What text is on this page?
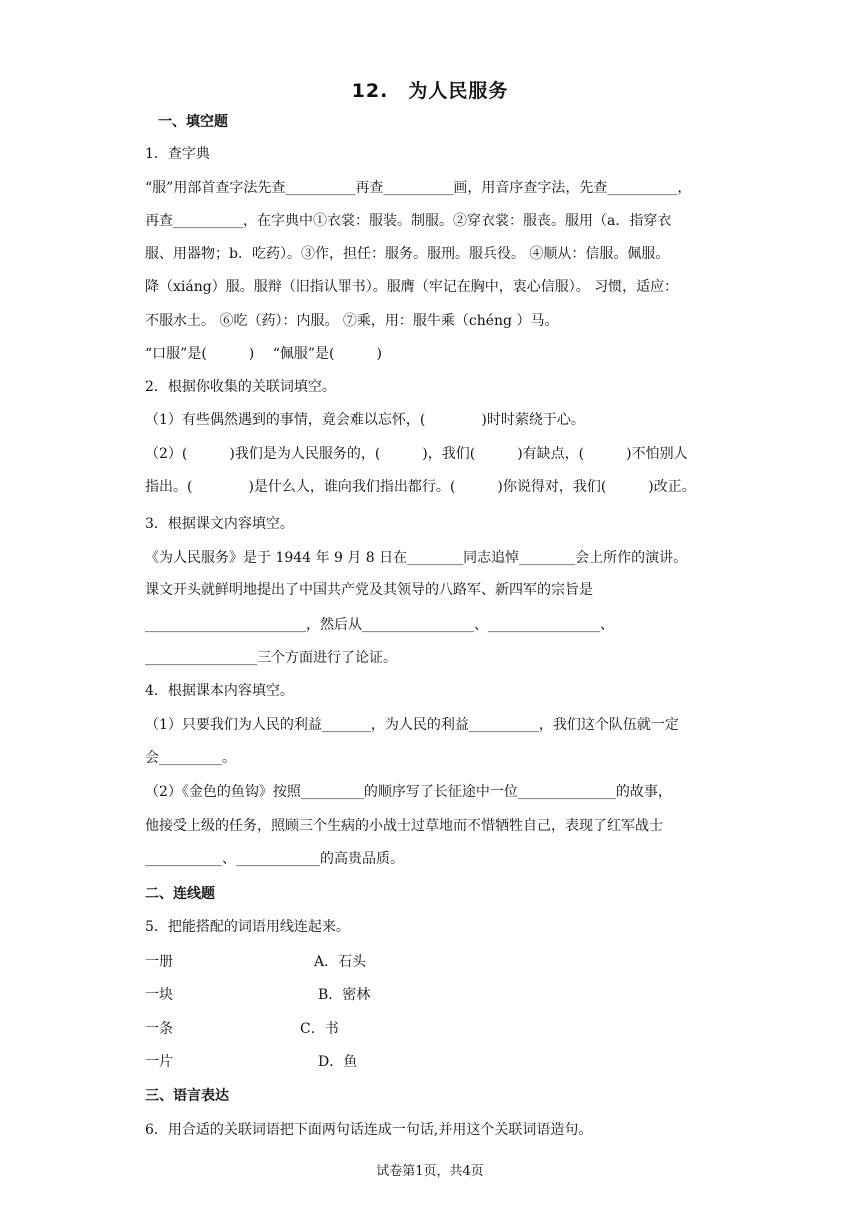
12.　为人民服务
一、填空题
1．查字典
“服”用部首查字法先查__________再查__________画，用音序查字法，先查__________，
再查__________，在字典中①衣裳：服装。制服。②穿衣裳：服丧。服用（a．指穿衣
服、用器物；b．吃药）。③作，担任：服务。服刑。服兵役。 ④顺从：信服。佩服。
降（xiáng）服。服辩（旧指认罪书）。服膺（牢记在胸中，衷心信服）。 习惯，适应：
不服水土。 ⑥吃（药）：内服。 ⑦乘，用：服牛乘（chéng ）马。
“口服”是(　　　)　 “佩服”是(　　　)
2．根据你收集的关联词填空。
（1）有些偶然遇到的事情，竟会难以忘怀，(　　　　)时时萦绕于心。
（2）(　　　)我们是为人民服务的，(　　　)，我们(　　　)有缺点，(　　　)不怕别人
指出。(　　　　)是什么人，谁向我们指出都行。(　　　)你说得对，我们(　　　)改正。
3．根据课文内容填空。
《为人民服务》是于 1944 年 9 月 8 日在________同志追悼________会上所作的演讲。
课文开头就鲜明地提出了中国共产党及其领导的八路军、新四军的宗旨是
_______________________，然后从________________、________________、
________________三个方面进行了论证。
4．根据课本内容填空。
（1）只要我们为人民的利益_______，为人民的利益__________，我们这个队伍就一定
会_________。
（2）《金色的鱼钩》按照_________的顺序写了长征途中一位______________的故事，
他接受上级的任务，照顾三个生病的小战士过草地而不惜牺牲自己，表现了红军战士
___________、____________的高贵品质。
二、连线题
5．把能搭配的词语用线连起来。
一册	A．石头
一块	B．密林
一条	C．书
一片	D．鱼
三、语言表达
6．用合适的关联词语把下面两句话连成一句话,并用这个关联词语造句。
试卷第1页，共4页
